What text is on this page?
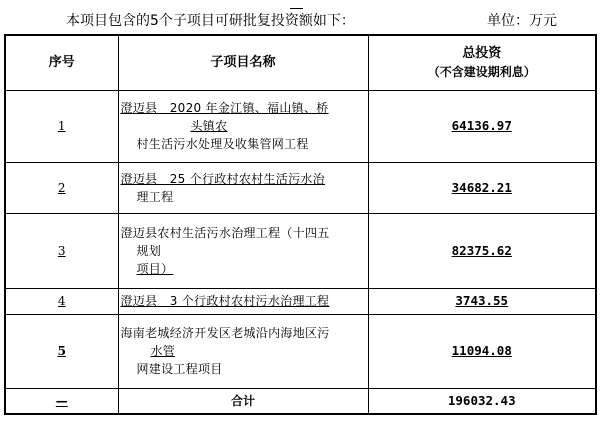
本项目包含的5个子项目可研批复投资额如下：	单位：万元
序号	子项目名称	总投资
（不含建设期利息）

1	澄迈县　2020 年金江镇、福山镇、桥
头镇农
村生活污水处理及收集管网工程	64136.97
2	澄迈县　25 个行政村农村生活污水治
理工程	34682.21
3	澄迈县农村生活污水治理工程（十四五
规划
项目）	82375.62
4	澄迈县　3 个行政村农村污水治理工程	3743.55
5	海南老城经济开发区老城沿内海地区污
水管
网建设工程项目	11094.08
—	合计	196032.43
